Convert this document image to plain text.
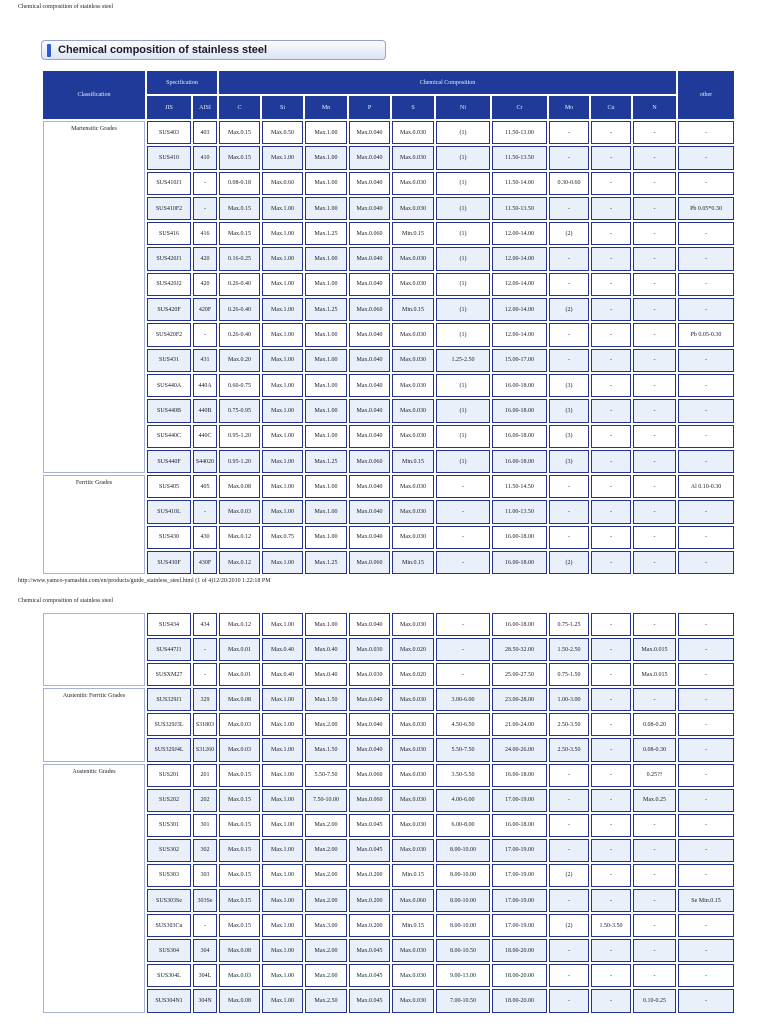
Chemical composition of stainless steel
Chemical composition of stainless steel
Classification	Specification		Chemical Composition										other
	JIS	AISI	C	Si	Mn	P	S	Ni	Cr	Mo	Cu	N	
Martensitic Grades	SUS403	403	Max.0.15	Max.0.50	Max.1.00	Max.0.040	Max.0.030	(1)	11.50-13.00	-	-	-	-
	SUS410	410	Max.0.15	Max.1.00	Max.1.00	Max.0.040	Max.0.030	(1)	11.50-13.50	-	-	-	-
	SUS410J1	-	0.08-0.18	Max.0.60	Max.1.00	Max.0.040	Max.0.030	(1)	11.50-14.00	0.30-0.60	-	-	-
	SUS410F2	-	Max.0.15	Max.1.00	Max.1.00	Max.0.040	Max.0.030	(1)	11.50-13.50	-	-	-	Pb 0.05*0.30
	SUS416	416	Max.0.15	Max.1.00	Max.1.25	Max.0.060	Min.0.15	(1)	12.00-14.00	(2)	-	-	-
	SUS420J1	420	0.16-0.25	Max.1.00	Max.1.00	Max.0.040	Max.0.030	(1)	12.00-14.00	-	-	-	-
	SUS420J2	420	0.26-0.40	Max.1.00	Max.1.00	Max.0.040	Max.0.030	(1)	12.00-14.00	-	-	-	-
	SUS420F	420F	0.26-0.40	Max.1.00	Max.1.25	Max.0.060	Min.0.15	(1)	12.00-14.00	(2)	-	-	-
	SUS420F2	-	0.26-0.40	Max.1.00	Max.1.00	Max.0.040	Max.0.030	(1)	12.00-14.00	-	-	-	Pb 0.05-0.30
	SUS431	431	Max.0.20	Max.1.00	Max.1.00	Max.0.040	Max.0.030	1.25-2.50	15.00-17.00	-	-	-	-
	SUS440A	440A	0.60-0.75	Max.1.00	Max.1.00	Max.0.040	Max.0.030	(1)	16.00-18.00	(3)	-	-	-
	SUS440B	440B	0.75-0.95	Max.1.00	Max.1.00	Max.0.040	Max.0.030	(1)	16.00-18.00	(3)	-	-	-
	SUS440C	440C	0.95-1.20	Max.1.00	Max.1.00	Max.0.040	Max.0.030	(1)	16.00-18.00	(3)	-	-	-
	SUS440F	S44020	0.95-1.20	Max.1.00	Max.1.25	Max.0.060	Min.0.15	(1)	16.00-18.00	(3)	-	-	-
Ferritic Grades	SUS405	405	Max.0.08	Max.1.00	Max.1.00	Max.0.040	Max.0.030	-	11.50-14.50	-	-	-	Al 0.10-0.30
	SUS410L	-	Max.0.03	Max.1.00	Max.1.00	Max.0.040	Max.0.030	-	11.00-13.50	-	-	-	-
	SUS430	430	Max.0.12	Max.0.75	Max.1.00	Max.0.040	Max.0.030	-	16.00-18.00	-	-	-	-
	SUS430F	430F	Max.0.12	Max.1.00	Max.1.25	Max.0.060	Min.0.15	-	16.00-18.00	(2)	-	-	-
http://www.yamco-yamashin.com/en/products/guide_stainless_steel.html (1 of 4)12/20/2010 1:22:18 PM
Chemical composition of stainless steel
	SUS434	434	Max.0.12	Max.1.00	Max.1.00	Max.0.040	Max.0.030	-	16.00-18.00	0.75-1.25	-	-	-
	SUS447J1	-	Max.0.01	Max.0.40	Max.0.40	Max.0.030	Max.0.020	-	28.50-32.00	1.50-2.50	-	Max.0.015	-
	SUSXM27	-	Max.0.01	Max.0.40	Max.0.40	Max.0.030	Max.0.020	-	25.00-27.50	0.75-1.50	-	Max.0.015	-
Austenitic Ferritic Grades	SUS329J1	329	Max.0.08	Max.1.00	Max.1.50	Max.0.040	Max.0.030	3.00-6.00	23.00-28.00	1.00-3.00	-	-	-
	SUS329J3L	S31803	Max.0.03	Max.1.00	Max.2.00	Max.0.040	Max.0.030	4.50-6.50	21.00-24.00	2.50-3.50	-	0.08-0.20	-
	SUS329J4L	S31260	Max.0.03	Max.1.00	Max.1.50	Max.0.040	Max.0.030	5.50-7.50	24.00-26.00	2.50-3.50	-	0.08-0.30	-
Austenitic Grades	SUS201	201	Max.0.15	Max.1.00	5.50-7.50	Max.0.060	Max.0.030	3.50-5.50	16.00-18.00	-	-	0.25??	-
	SUS202	202	Max.0.15	Max.1.00	7.50-10.00	Max.0.060	Max.0.030	4.00-6.00	17.00-19.00	-	-	Max.0.25	-
	SUS301	301	Max.0.15	Max.1.00	Max.2.00	Max.0.045	Max.0.030	6.00-8.00	16.00-18.00	-	-	-	-
	SUS302	302	Max.0.15	Max.1.00	Max.2.00	Max.0.045	Max.0.030	8.00-10.00	17.00-19.00	-	-	-	-
	SUS303	303	Max.0.15	Max.1.00	Max.2.00	Max.0.200	Min.0.15	8.00-10.00	17.00-19.00	(2)	-	-	-
	SUS303Se	303Se	Max.0.15	Max.1.00	Max.2.00	Max.0.200	Max.0.060	8.00-10.00	17.00-19.00	-	-	-	Se Min.0.15
	SUS303Cu	-	Max.0.15	Max.1.00	Max.3.00	Max.0.200	Min.0.15	8.00-10.00	17.00-19.00	(2)	1.50-3.50	-	-
	SUS304	304	Max.0.08	Max.1.00	Max.2.00	Max.0.045	Max.0.030	8.00-10.50	18.00-20.00	-	-	-	-
	SUS304L	304L	Max.0.03	Max.1.00	Max.2.00	Max.0.045	Max.0.030	9.00-13.00	18.00-20.00	-	-	-	-
	SUS304N1	304N	Max.0.08	Max.1.00	Max.2.50	Max.0.045	Max.0.030	7.00-10.50	18.00-20.00	-	-	0.10-0.25	-
